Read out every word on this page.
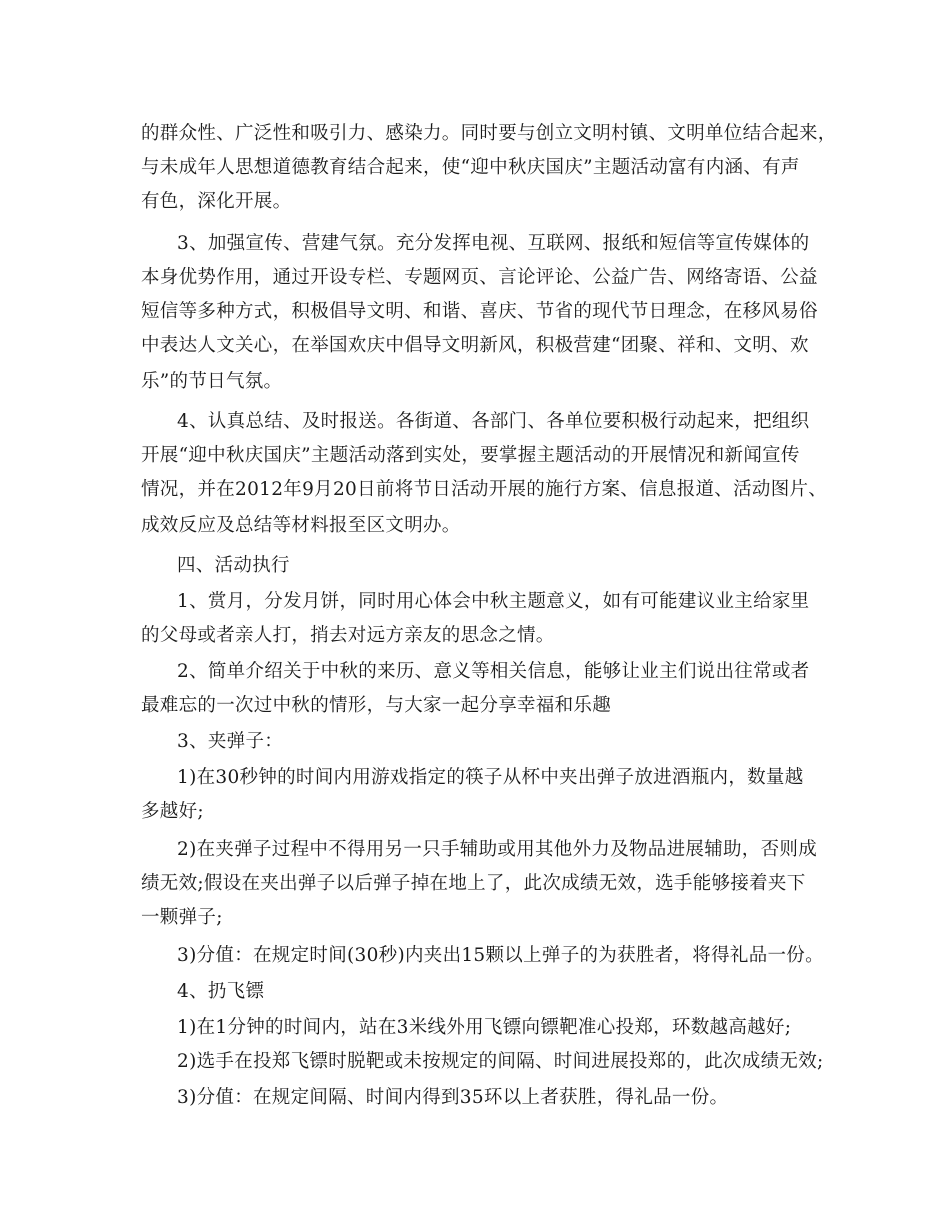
的群众性、广泛性和吸引力、感染力。同时要与创立文明村镇、文明单位结合起来，
与未成年人思想道德教育结合起来，使“迎中秋庆国庆”主题活动富有内涵、有声
有色，深化开展。
3、加强宣传、营建气氛。充分发挥电视、互联网、报纸和短信等宣传媒体的
本身优势作用，通过开设专栏、专题网页、言论评论、公益广告、网络寄语、公益
短信等多种方式，积极倡导文明、和谐、喜庆、节省的现代节日理念，在移风易俗
中表达人文关心，在举国欢庆中倡导文明新风，积极营建“团聚、祥和、文明、欢
乐”的节日气氛。
4、认真总结、及时报送。各街道、各部门、各单位要积极行动起来，把组织
开展“迎中秋庆国庆”主题活动落到实处，要掌握主题活动的开展情况和新闻宣传
情况，并在2012年9月20日前将节日活动开展的施行方案、信息报道、活动图片、
成效反应及总结等材料报至区文明办。
四、活动执行
1、赏月，分发月饼，同时用心体会中秋主题意义，如有可能建议业主给家里
的父母或者亲人打，捎去对远方亲友的思念之情。
2、简单介绍关于中秋的来历、意义等相关信息，能够让业主们说出往常或者
最难忘的一次过中秋的情形，与大家一起分享幸福和乐趣
3、夹弹子：
1)在30秒钟的时间内用游戏指定的筷子从杯中夹出弹子放进酒瓶内，数量越
多越好;
2)在夹弹子过程中不得用另一只手辅助或用其他外力及物品进展辅助，否则成
绩无效;假设在夹出弹子以后弹子掉在地上了，此次成绩无效，选手能够接着夹下
一颗弹子;
3)分值：在规定时间(30秒)内夹出15颗以上弹子的为获胜者，将得礼品一份。
4、扔飞镖
1)在1分钟的时间内，站在3米线外用飞镖向镖靶准心投郑，环数越高越好;
2)选手在投郑飞镖时脱靶或未按规定的间隔、时间进展投郑的，此次成绩无效;
3)分值：在规定间隔、时间内得到35环以上者获胜，得礼品一份。
